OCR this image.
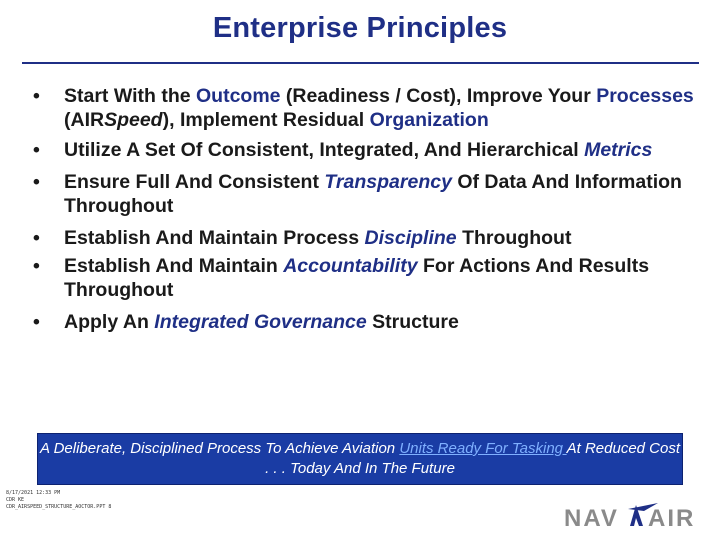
Enterprise Principles
• Start With the Outcome (Readiness / Cost), Improve Your Processes (AIRSpeed), Implement Residual Organization
• Utilize A Set Of Consistent, Integrated, And Hierarchical Metrics
• Ensure Full And Consistent Transparency Of Data And Information Throughout
• Establish And Maintain Process Discipline Throughout
• Establish And Maintain Accountability For Actions And Results Throughout
• Apply An Integrated Governance Structure
A Deliberate, Disciplined Process To Achieve Aviation Units Ready For Tasking At Reduced Cost . . . Today And In The Future
8/17/2021 12:33 PM
CDR KE
CDR_AIRSPEED_STRUCTURE_AOCTOR.PPT 8	NAV AIR
